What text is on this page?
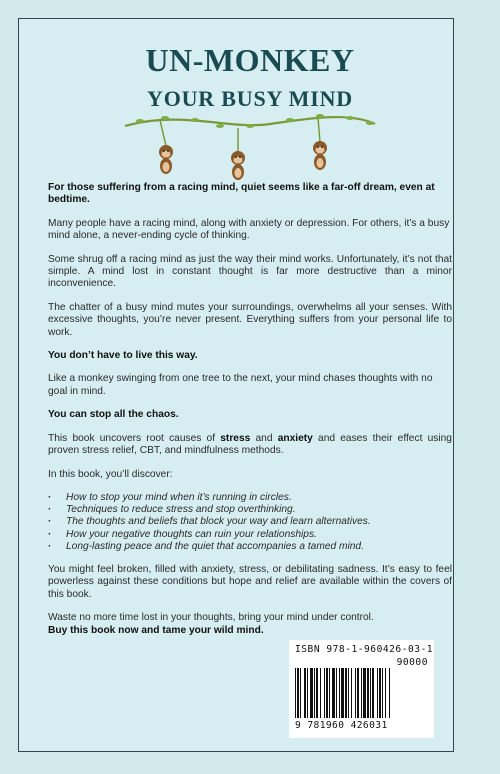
UN-MONKEY
YOUR BUSY MIND

For those suffering from a racing mind, quiet seems like a far-off dream, even at bedtime.

Many people have a racing mind, along with anxiety or depression. For others, it’s a busy mind alone, a never-ending cycle of thinking.

Some shrug off a racing mind as just the way their mind works. Unfortunately, it’s not that simple. A mind lost in constant thought is far more destructive than a minor inconvenience.

The chatter of a busy mind mutes your surroundings, overwhelms all your senses. With excessive thoughts, you’re never present. Everything suffers from your personal life to work.

You don’t have to live this way.

Like a monkey swinging from one tree to the next, your mind chases thoughts with no goal in mind.

You can stop all the chaos.

This book uncovers root causes of stress and anxiety and eases their effect using proven stress relief, CBT, and mindfulness methods.

In this book, you’ll discover:

· How to stop your mind when it’s running in circles.
· Techniques to reduce stress and stop overthinking.
· The thoughts and beliefs that block your way and learn alternatives.
· How your negative thoughts can ruin your relationships.
· Long-lasting peace and the quiet that accompanies a tamed mind.

You might feel broken, filled with anxiety, stress, or debilitating sadness. It’s easy to feel powerless against these conditions but hope and relief are available within the covers of this book.

Waste no more time lost in your thoughts, bring your mind under control.

Buy this book now and tame your wild mind.

ISBN 978-1-960426-03-1
90000
9 781960 426031
